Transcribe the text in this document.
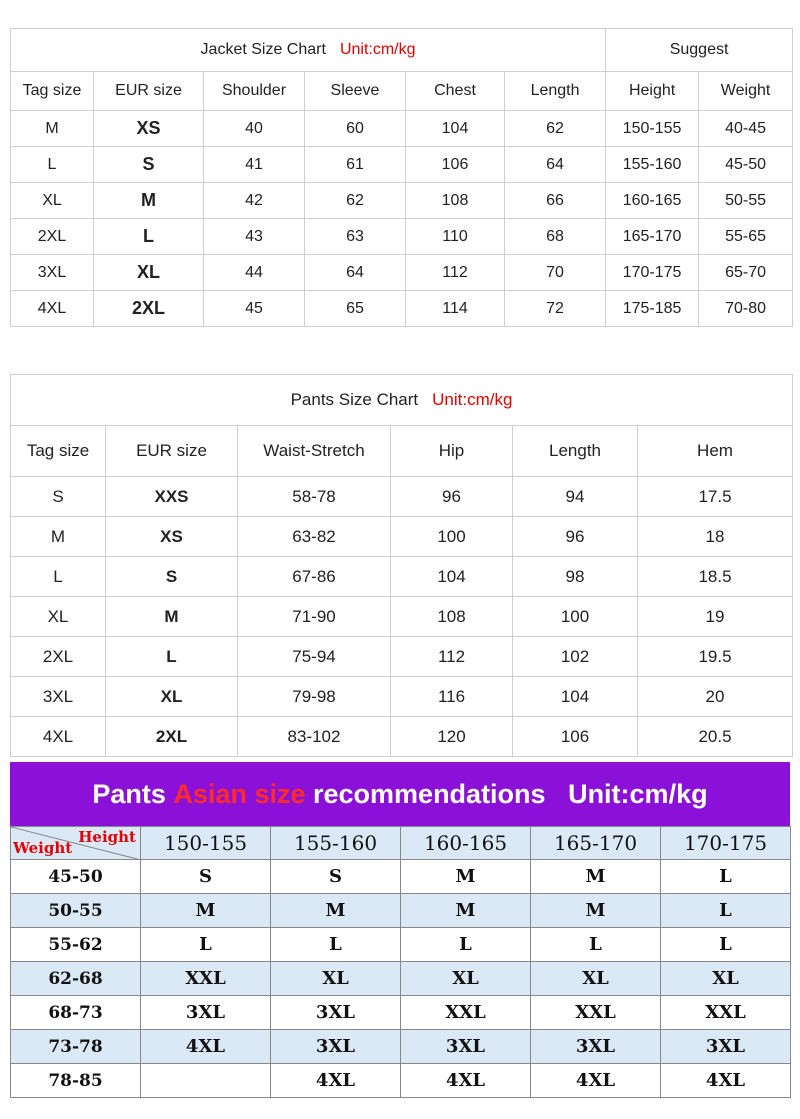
Jacket Size Chart Unit:cm/kg						Suggest	
Tag size	EUR size	Shoulder	Sleeve	Chest	Length	Height	Weight
M	XS	40	60	104	62	150-155	40-45
L	S	41	61	106	64	155-160	45-50
XL	M	42	62	108	66	160-165	50-55
2XL	L	43	63	110	68	165-170	55-65
3XL	XL	44	64	112	70	170-175	65-70
4XL	2XL	45	65	114	72	175-185	70-80
Pants Size Chart Unit:cm/kg					
Tag size	EUR size	Waist-Stretch	Hip	Length	Hem
S	XXS	58-78	96	94	17.5
M	XS	63-82	100	96	18
L	S	67-86	104	98	18.5
XL	M	71-90	108	100	19
2XL	L	75-94	112	102	19.5
3XL	XL	79-98	116	104	20
4XL	2XL	83-102	120	106	20.5
Pants Asian size recommendations Unit:cm/kg
Height
Weight	150-155	155-160	160-165	165-170	170-175
45-50	S	S	M	M	L
50-55	M	M	M	M	L
55-62	L	L	L	L	L
62-68	XXL	XL	XL	XL	XL
68-73	3XL	3XL	XXL	XXL	XXL
73-78	4XL	3XL	3XL	3XL	3XL
78-85		4XL	4XL	4XL	4XL
